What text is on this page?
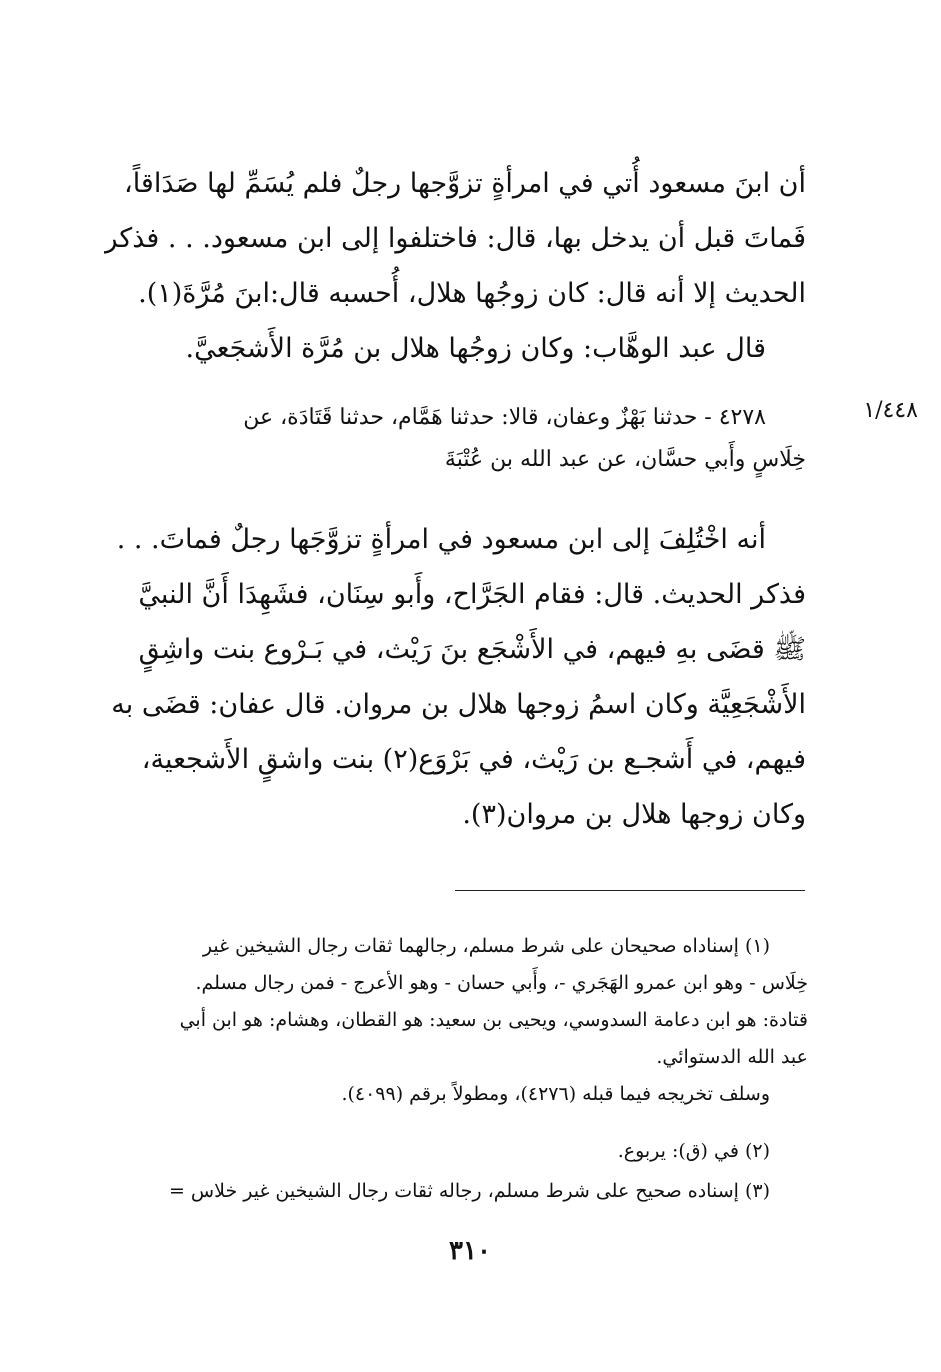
أن ابنَ مسعود أُتي في امرأةٍ تزوَّجها رجلٌ فلم يُسَمِّ لها صَدَاقاً،
فَماتَ قبل أن يدخل بها، قال: فاختلفوا إلى ابن مسعود. . . فذكر
الحديث إلا أنه قال: كان زوجُها هلال، أُحسبه قال:ابنَ مُرَّةَ(١).
قال عبد الوهَّاب: وكان زوجُها هلال بن مُرَّة الأَشجَعيَّ.
١/٤٤٨
٤٢٧٨ - حدثنا بَهْزٌ وعفان، قالا: حدثنا هَمَّام، حدثنا قَتَادَة، عن
خِلَاسٍ وأَبي حسَّان، عن عبد الله بن عُتْبَةَ
أنه اخْتُلِفَ إلى ابن مسعود في امرأةٍ تزوَّجَها رجلٌ فماتَ. . .
فذكر الحديث. قال: فقام الجَرَّاح، وأَبو سِنَان، فشَهِدَا أَنَّ النبيَّ
ﷺ قضَى بهِ فيهم، في الأَشْجَع بنَ رَيْث، في بَـرْوع بنت واشِقٍ
الأَشْجَعِيَّة وكان اسمُ زوجها هلال بن مروان. قال عفان: قضَى به
فيهم، في أَشجـع بن رَيْث، في بَرْوَع(٢) بنت واشقٍ الأَشجعية،
وكان زوجها هلال بن مروان(٣).
(١) إسناداه صحيحان على شرط مسلم، رجالهما ثقات رجال الشيخين غير
خِلَاس - وهو ابن عمرو الهَجَري -، وأَبي حسان - وهو الأعرج - فمن رجال مسلم.
قتادة: هو ابن دعامة السدوسي، ويحيى بن سعيد: هو القطان، وهشام: هو ابن أبي
عبد الله الدستوائي.
وسلف تخريجه فيما قبله (٤٢٧٦)، ومطولاً برقم (٤٠٩٩).
(٢) في (ق): يربوع.
(٣) إسناده صحيح على شرط مسلم، رجاله ثقات رجال الشيخين غير خلاس =
٣١٠
